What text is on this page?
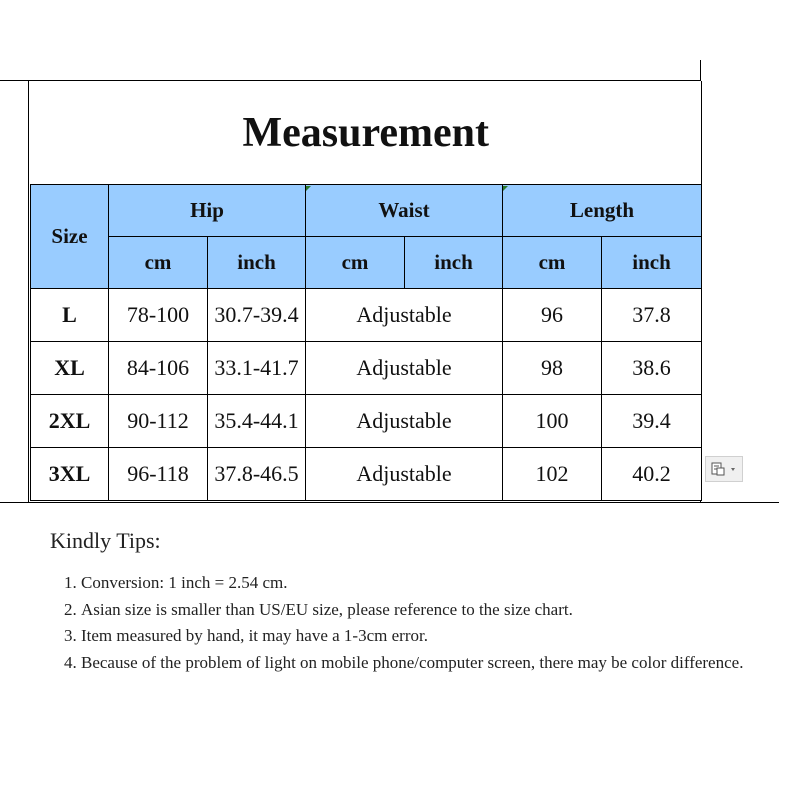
Measurement						
Size	Hip		Waist		Length	
	cm	inch	cm	inch	cm	inch
L	78-100	30.7-39.4	Adjustable		96	37.8
XL	84-106	33.1-41.7	Adjustable		98	38.6
2XL	90-112	35.4-44.1	Adjustable		100	39.4
3XL	96-118	37.8-46.5	Adjustable		102	40.2
Kindly Tips:
1. Conversion: 1 inch = 2.54 cm.
2. Asian size is smaller than US/EU size, please reference to the size chart.
3. Item measured by hand, it may have a 1-3cm error.
4. Because of the problem of light on mobile phone/computer screen, there may be color difference.
